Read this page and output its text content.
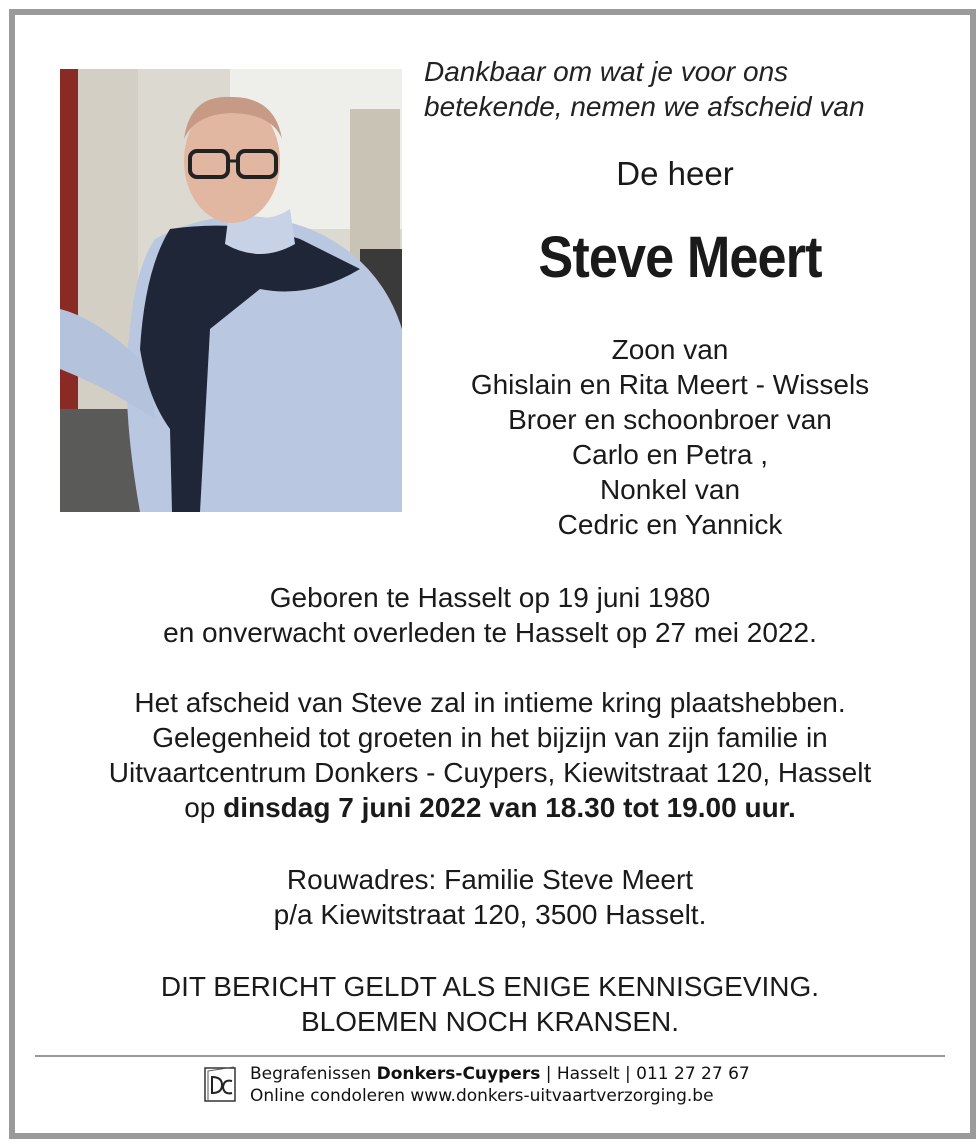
Dankbaar om wat je voor ons
betekende, nemen we afscheid van
De heer
Steve Meert
Zoon van
Ghislain en Rita Meert - Wissels
Broer en schoonbroer van
Carlo en Petra ,
Nonkel van
Cedric en Yannick
Geboren te Hasselt op 19 juni 1980
en onverwacht overleden te Hasselt op 27 mei 2022.
Het afscheid van Steve zal in intieme kring plaatshebben.
Gelegenheid tot groeten in het bijzijn van zijn familie in
Uitvaartcentrum Donkers - Cuypers, Kiewitstraat 120, Hasselt
op dinsdag 7 juni 2022 van 18.30 tot 19.00 uur.
Rouwadres: Familie Steve Meert
p/a Kiewitstraat 120, 3500 Hasselt.
DIT BERICHT GELDT ALS ENIGE KENNISGEVING.
BLOEMEN NOCH KRANSEN.
Begrafenissen Donkers-Cuypers | Hasselt | 011 27 27 67
Online condoleren www.donkers-uitvaartverzorging.be
